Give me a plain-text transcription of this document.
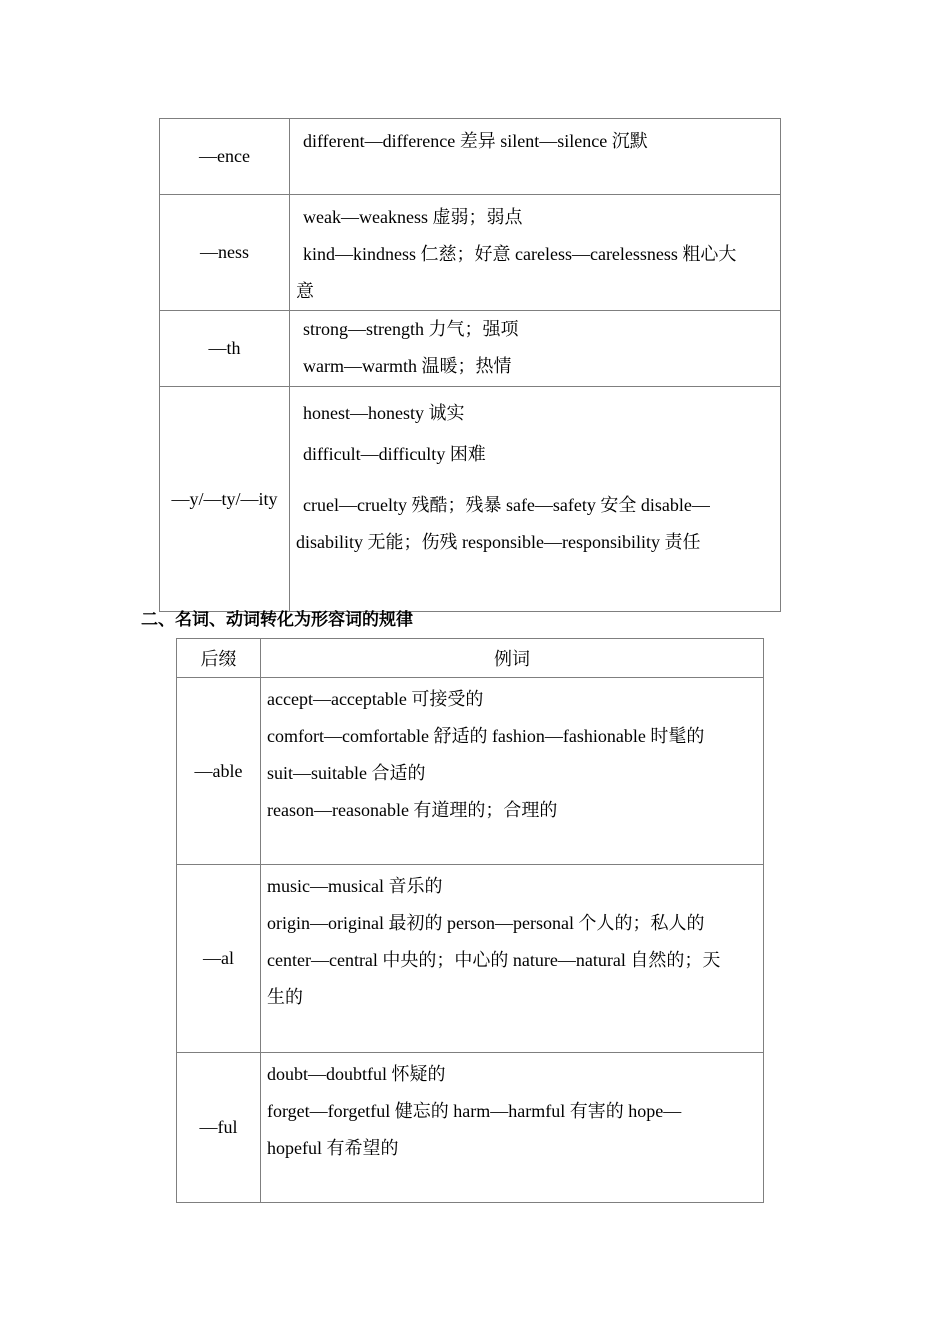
—ence	different—difference 差异 silent—silence 沉默

—ness	weak—weakness 虚弱；弱点
kind—kindness 仁慈；好意 careless—carelessness 粗心大
意

—th	strong—strength 力气；强项
warm—warmth 温暖；热情

—y/—ty/—ity	honest—honesty 诚实
difficult—difficulty 困难
cruel—cruelty 残酷；残暴 safe—safety 安全 disable—
disability 无能；伤残 responsible—responsibility 责任
二、名词、动词转化为形容词的规律
后缀	例词
—able	accept—acceptable 可接受的
comfort—comfortable 舒适的 fashion—fashionable 时髦的
suit—suitable 合适的
reason—reasonable 有道理的；合理的

—al	music—musical 音乐的
origin—original 最初的 person—personal 个人的；私人的
center—central 中央的；中心的 nature—natural 自然的；天
生的

—ful	doubt—doubtful 怀疑的
forget—forgetful 健忘的 harm—harmful 有害的 hope—
hopeful 有希望的
